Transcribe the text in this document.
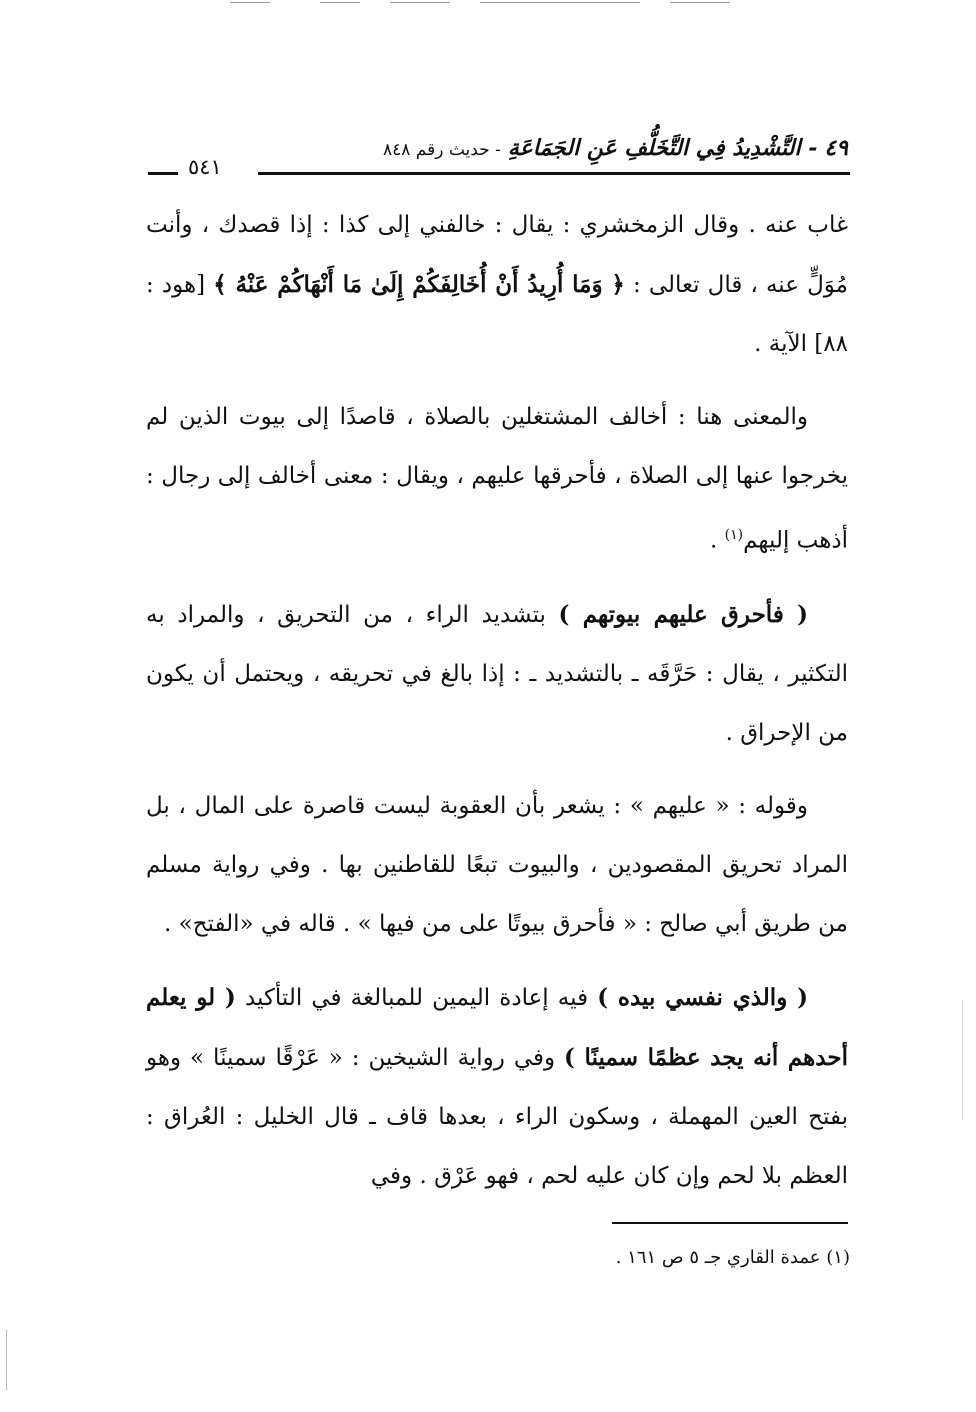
٤٩ - التَّشْدِيدُ فِي التَّخَلُّفِ عَنِ الجَمَاعَةِ - حديث رقم ٨٤٨
٥٤١

غاب عنه . وقال الزمخشري : يقال : خالفني إلى كذا : إذا قصدك ، وأنت مُوَلٍّ عنه ، قال تعالى : ﴿ وَمَا أُرِيدُ أَنْ أُخَالِفَكُمْ إِلَىٰ مَا أَنْهَاكُمْ عَنْهُ ﴾ [هود : ٨٨] الآية .

والمعنى هنا : أخالف المشتغلين بالصلاة ، قاصدًا إلى بيوت الذين لم يخرجوا عنها إلى الصلاة ، فأحرقها عليهم ، ويقال : معنى أخالف إلى رجال : أذهب إليهم$^{(١)}$ .

( فأحرق عليهم بيوتهم ) بتشديد الراء ، من التحريق ، والمراد به التكثير ، يقال : حَرَّقَه ـ بالتشديد ـ : إذا بالغ في تحريقه ، ويحتمل أن يكون من الإحراق .

وقوله : « عليهم » : يشعر بأن العقوبة ليست قاصرة على المال ، بل المراد تحريق المقصودين ، والبيوت تبعًا للقاطنين بها . وفي رواية مسلم من طريق أبي صالح : « فأحرق بيوتًا على من فيها » . قاله في «الفتح» .

( والذي نفسي بيده ) فيه إعادة اليمين للمبالغة في التأكيد ( لو يعلم أحدهم أنه يجد عظمًا سمينًا ) وفي رواية الشيخين : « عَرْقًا سمينًا » وهو بفتح العين المهملة ، وسكون الراء ، بعدها قاف ـ قال الخليل : العُراق : العظم بلا لحم وإن كان عليه لحم ، فهو عَرْق . وفي

(١) عمدة القاري جـ ٥ ص ١٦١ .
